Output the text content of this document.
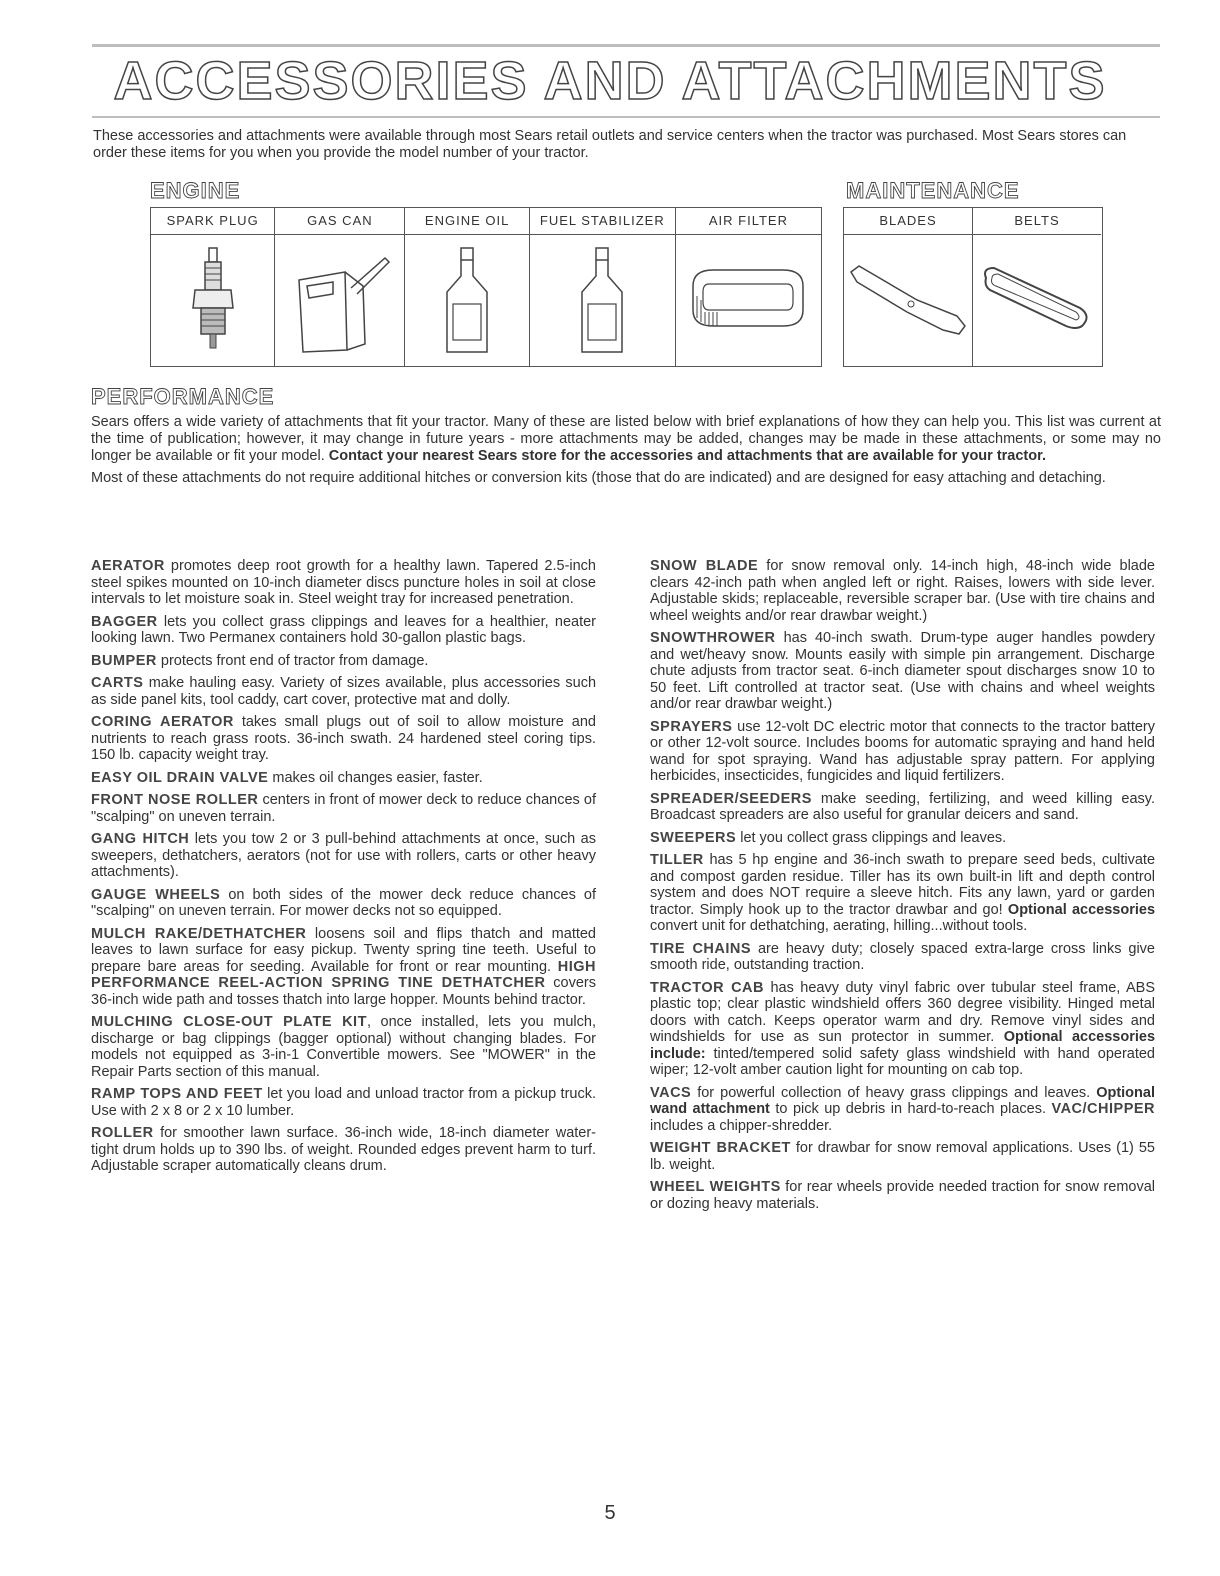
ACCESSORIES AND ATTACHMENTS
These accessories and attachments were available through most Sears retail outlets and service centers when the tractor was purchased. Most Sears stores can order these items for you when you provide the model number of your tractor.
ENGINE	MAINTENANCE
SPARK PLUG	GAS CAN	ENGINE OIL	FUEL STABILIZER	AIR FILTER	BLADES	BELTS
PERFORMANCE

Sears offers a wide variety of attachments that fit your tractor. Many of these are listed below with brief explanations of how they can help you. This list was current at the time of publication; however, it may change in future years - more attachments may be added, changes may be made in these attachments, or some may no longer be available or fit your model. Contact your nearest Sears store for the accessories and attachments that are available for your tractor.

Most of these attachments do not require additional hitches or conversion kits (those that do are indicated) and are designed for easy attaching and detaching.

AERATOR promotes deep root growth for a healthy lawn. Tapered 2.5-inch steel spikes mounted on 10-inch diameter discs puncture holes in soil at close intervals to let moisture soak in. Steel weight tray for increased penetration.

BAGGER lets you collect grass clippings and leaves for a healthier, neater looking lawn. Two Permanex containers hold 30-gallon plastic bags.

BUMPER protects front end of tractor from damage.

CARTS make hauling easy. Variety of sizes available, plus accessories such as side panel kits, tool caddy, cart cover, protective mat and dolly.

CORING AERATOR takes small plugs out of soil to allow moisture and nutrients to reach grass roots. 36-inch swath. 24 hardened steel coring tips. 150 lb. capacity weight tray.

EASY OIL DRAIN VALVE makes oil changes easier, faster.

FRONT NOSE ROLLER centers in front of mower deck to reduce chances of "scalping" on uneven terrain.

GANG HITCH lets you tow 2 or 3 pull-behind attachments at once, such as sweepers, dethatchers, aerators (not for use with rollers, carts or other heavy attachments).

GAUGE WHEELS on both sides of the mower deck reduce chances of "scalping" on uneven terrain. For mower decks not so equipped.

MULCH RAKE/DETHATCHER loosens soil and flips thatch and matted leaves to lawn surface for easy pickup. Twenty spring tine teeth. Useful to prepare bare areas for seeding. Available for front or rear mounting. HIGH PERFORMANCE REEL-ACTION SPRING TINE DETHATCHER covers 36-inch wide path and tosses thatch into large hopper. Mounts behind tractor.

MULCHING CLOSE-OUT PLATE KIT, once installed, lets you mulch, discharge or bag clippings (bagger optional) without changing blades. For models not equipped as 3-in-1 Convertible mowers. See "MOWER" in the Repair Parts section of this manual.

RAMP TOPS AND FEET let you load and unload tractor from a pickup truck. Use with 2 x 8 or 2 x 10 lumber.

ROLLER for smoother lawn surface. 36-inch wide, 18-inch diameter water-tight drum holds up to 390 lbs. of weight. Rounded edges prevent harm to turf. Adjustable scraper automatically cleans drum.

SNOW BLADE for snow removal only. 14-inch high, 48-inch wide blade clears 42-inch path when angled left or right. Raises, lowers with side lever. Adjustable skids; replaceable, reversible scraper bar. (Use with tire chains and wheel weights and/or rear drawbar weight.)

SNOWTHROWER has 40-inch swath. Drum-type auger handles powdery and wet/heavy snow. Mounts easily with simple pin arrangement. Discharge chute adjusts from tractor seat. 6-inch diameter spout discharges snow 10 to 50 feet. Lift controlled at tractor seat. (Use with chains and wheel weights and/or rear drawbar weight.)

SPRAYERS use 12-volt DC electric motor that connects to the tractor battery or other 12-volt source. Includes booms for automatic spraying and hand held wand for spot spraying. Wand has adjustable spray pattern. For applying herbicides, insecticides, fungicides and liquid fertilizers.

SPREADER/SEEDERS make seeding, fertilizing, and weed killing easy. Broadcast spreaders are also useful for granular deicers and sand.

SWEEPERS let you collect grass clippings and leaves.

TILLER has 5 hp engine and 36-inch swath to prepare seed beds, cultivate and compost garden residue. Tiller has its own built-in lift and depth control system and does NOT require a sleeve hitch. Fits any lawn, yard or garden tractor. Simply hook up to the tractor drawbar and go! Optional accessories convert unit for dethatching, aerating, hilling...without tools.

TIRE CHAINS are heavy duty; closely spaced extra-large cross links give smooth ride, outstanding traction.

TRACTOR CAB has heavy duty vinyl fabric over tubular steel frame, ABS plastic top; clear plastic windshield offers 360 degree visibility. Hinged metal doors with catch. Keeps operator warm and dry. Remove vinyl sides and windshields for use as sun protector in summer. Optional accessories include: tinted/tempered solid safety glass windshield with hand operated wiper; 12-volt amber caution light for mounting on cab top.

VACS for powerful collection of heavy grass clippings and leaves. Optional wand attachment to pick up debris in hard-to-reach places. VAC/CHIPPER includes a chipper-shredder.

WEIGHT BRACKET for drawbar for snow removal applications. Uses (1) 55 lb. weight.

WHEEL WEIGHTS for rear wheels provide needed traction for snow removal or dozing heavy materials.

5
